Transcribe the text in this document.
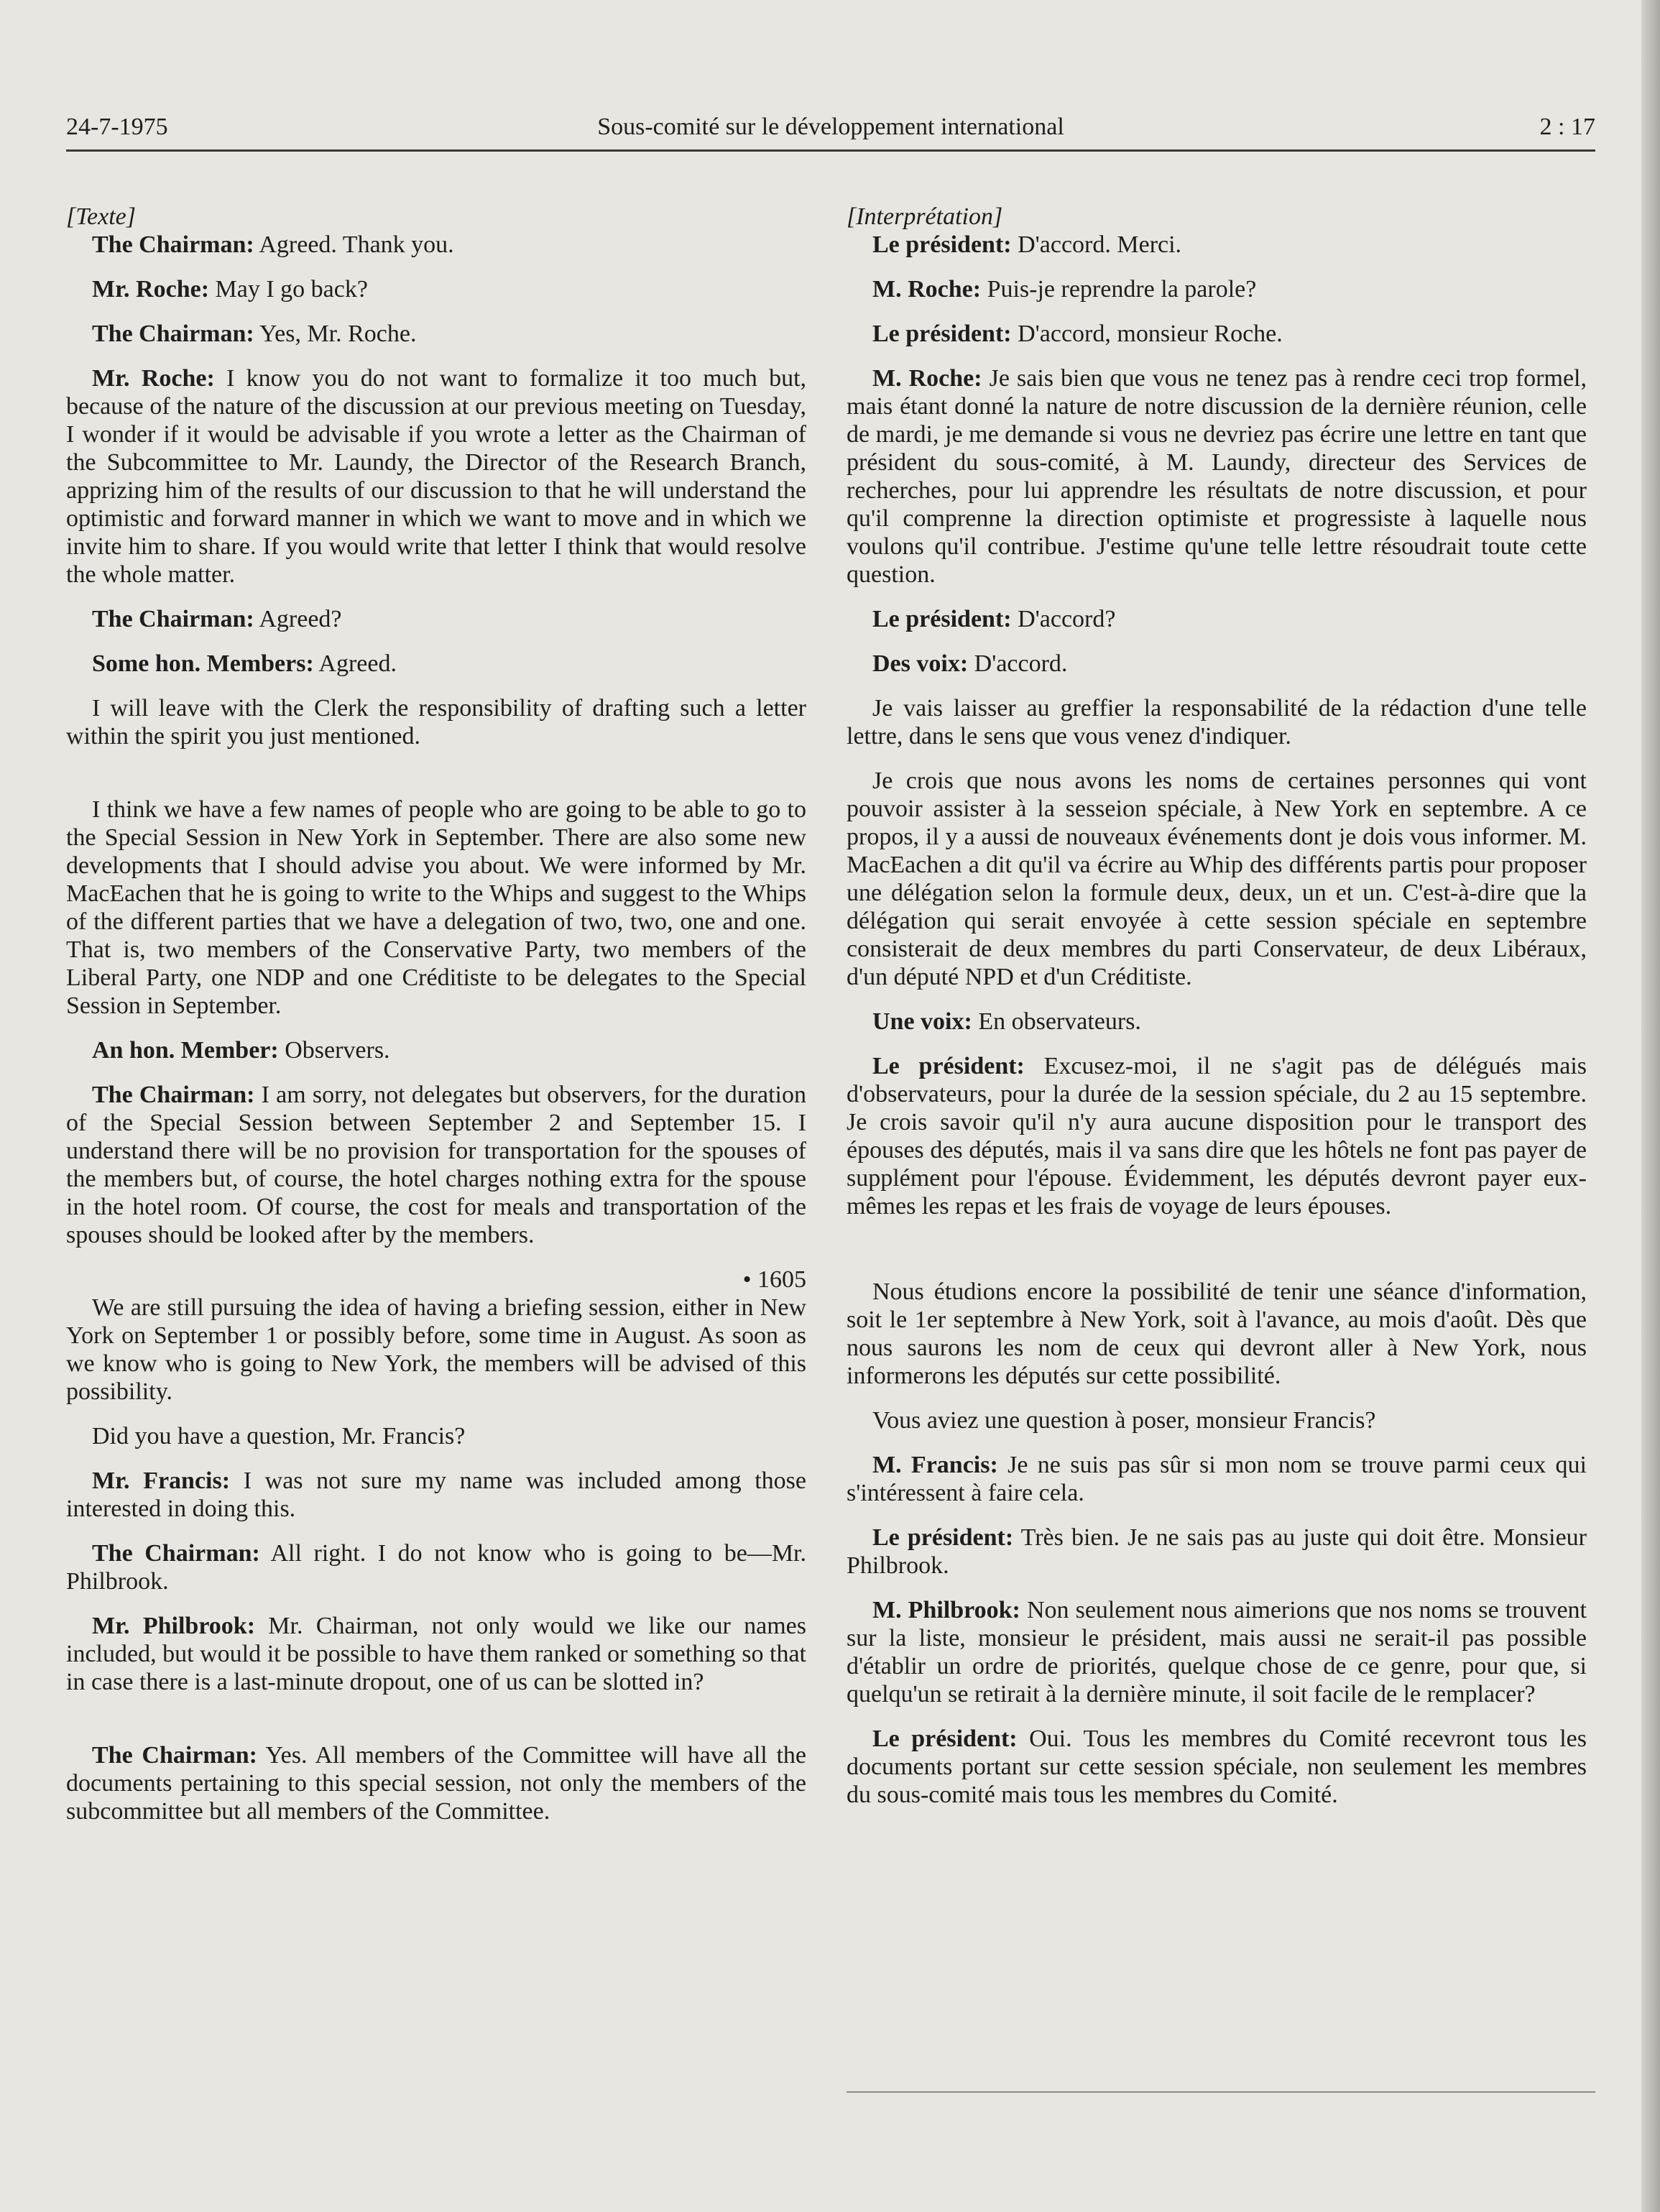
24-7-1975	Sous-comité sur le développement international	2 : 17

[Texte]

The Chairman: Agreed. Thank you.

Mr. Roche: May I go back?

The Chairman: Yes, Mr. Roche.

Mr. Roche: I know you do not want to formalize it too much but, because of the nature of the discussion at our previous meeting on Tuesday, I wonder if it would be advisable if you wrote a letter as the Chairman of the Subcommittee to Mr. Laundy, the Director of the Research Branch, apprizing him of the results of our discussion to that he will understand the optimistic and forward manner in which we want to move and in which we invite him to share. If you would write that letter I think that would resolve the whole matter.

The Chairman: Agreed?

Some hon. Members: Agreed.

I will leave with the Clerk the responsibility of drafting such a letter within the spirit you just mentioned.

I think we have a few names of people who are going to be able to go to the Special Session in New York in September. There are also some new developments that I should advise you about. We were informed by Mr. MacEachen that he is going to write to the Whips and suggest to the Whips of the different parties that we have a delegation of two, two, one and one. That is, two members of the Conservative Party, two members of the Liberal Party, one NDP and one Créditiste to be delegates to the Special Session in September.

An hon. Member: Observers.

The Chairman: I am sorry, not delegates but observers, for the duration of the Special Session between September 2 and September 15. I understand there will be no provision for transportation for the spouses of the members but, of course, the hotel charges nothing extra for the spouse in the hotel room. Of course, the cost for meals and transportation of the spouses should be looked after by the members.

• 1605

We are still pursuing the idea of having a briefing session, either in New York on September 1 or possibly before, some time in August. As soon as we know who is going to New York, the members will be advised of this possibility.

Did you have a question, Mr. Francis?

Mr. Francis: I was not sure my name was included among those interested in doing this.

The Chairman: All right. I do not know who is going to be—Mr. Philbrook.

Mr. Philbrook: Mr. Chairman, not only would we like our names included, but would it be possible to have them ranked or something so that in case there is a last-minute dropout, one of us can be slotted in?

The Chairman: Yes. All members of the Committee will have all the documents pertaining to this special session, not only the members of the subcommittee but all members of the Committee.

[Interprétation]

Le président: D'accord. Merci.

M. Roche: Puis-je reprendre la parole?

Le président: D'accord, monsieur Roche.

M. Roche: Je sais bien que vous ne tenez pas à rendre ceci trop formel, mais étant donné la nature de notre discussion de la dernière réunion, celle de mardi, je me demande si vous ne devriez pas écrire une lettre en tant que président du sous-comité, à M. Laundy, directeur des Services de recherches, pour lui apprendre les résultats de notre discussion, et pour qu'il comprenne la direction optimiste et progressiste à laquelle nous voulons qu'il contribue. J'estime qu'une telle lettre résoudrait toute cette question.

Le président: D'accord?

Des voix: D'accord.

Je vais laisser au greffier la responsabilité de la rédaction d'une telle lettre, dans le sens que vous venez d'indiquer.

Je crois que nous avons les noms de certaines personnes qui vont pouvoir assister à la sesseion spéciale, à New York en septembre. A ce propos, il y a aussi de nouveaux événements dont je dois vous informer. M. MacEachen a dit qu'il va écrire au Whip des différents partis pour proposer une délégation selon la formule deux, deux, un et un. C'est-à-dire que la délégation qui serait envoyée à cette session spéciale en septembre consisterait de deux membres du parti Conservateur, de deux Libéraux, d'un député NPD et d'un Créditiste.

Une voix: En observateurs.

Le président: Excusez-moi, il ne s'agit pas de délégués mais d'observateurs, pour la durée de la session spéciale, du 2 au 15 septembre. Je crois savoir qu'il n'y aura aucune disposition pour le transport des épouses des députés, mais il va sans dire que les hôtels ne font pas payer de supplément pour l'épouse. Évidemment, les députés devront payer eux-mêmes les repas et les frais de voyage de leurs épouses.

Nous étudions encore la possibilité de tenir une séance d'information, soit le 1er septembre à New York, soit à l'avance, au mois d'août. Dès que nous saurons les nom de ceux qui devront aller à New York, nous informerons les députés sur cette possibilité.

Vous aviez une question à poser, monsieur Francis?

M. Francis: Je ne suis pas sûr si mon nom se trouve parmi ceux qui s'intéressent à faire cela.

Le président: Très bien. Je ne sais pas au juste qui doit être. Monsieur Philbrook.

M. Philbrook: Non seulement nous aimerions que nos noms se trouvent sur la liste, monsieur le président, mais aussi ne serait-il pas possible d'établir un ordre de priorités, quelque chose de ce genre, pour que, si quelqu'un se retirait à la dernière minute, il soit facile de le remplacer?

Le président: Oui. Tous les membres du Comité recevront tous les documents portant sur cette session spéciale, non seulement les membres du sous-comité mais tous les membres du Comité.
